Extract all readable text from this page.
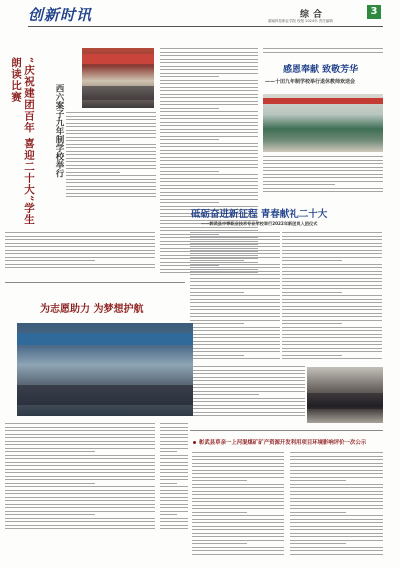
创新时讯	综合	3
湖南科技职业学院 校报 2024年 责任编辑
“庆祝建团百年 喜迎二十大”学生朗读比赛
西六案子九年制学校举行
感恩奉献 致敬芳华
——十田九年制学校举行退休教师欢送会
砥砺奋进新征程 青春献礼二十大
——郭武县中等职业技术专业学校举行2022年新团员入团仪式
为志愿助力 为梦想护航
彰武县草亲一上河混煤矿矿产资源开发利用项目环境影响评价一次公示
